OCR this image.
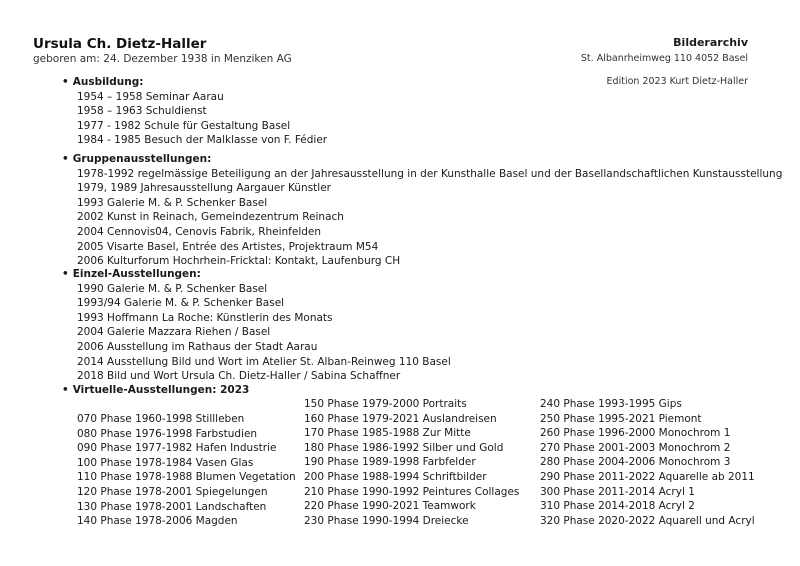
Ursula Ch. Dietz-Haller
geboren am: 24. Dezember 1938 in Menziken AG
Bilderarchiv
St. Albanrheimweg 110 4052 Basel
Edition 2023 Kurt Dietz-Haller
• Ausbildung:
1954 – 1958 Seminar Aarau
1958 – 1963 Schuldienst
1977 - 1982 Schule für Gestaltung Basel
1984 - 1985 Besuch der Malklasse von F. Fédier
• Gruppenausstellungen:
1978-1992 regelmässige Beteiligung an der Jahresausstellung in der Kunsthalle Basel und der Basellandschaftlichen Kunstausstellung
1979, 1989 Jahresausstellung Aargauer Künstler
1993 Galerie M. & P. Schenker Basel
2002 Kunst in Reinach, Gemeindezentrum Reinach
2004 Cennovis04, Cenovis Fabrik, Rheinfelden
2005 Visarte Basel, Entrée des Artistes, Projektraum M54
2006 Kulturforum Hochrhein-Fricktal: Kontakt, Laufenburg CH
• Einzel-Ausstellungen:
1990 Galerie M. & P. Schenker Basel
1993/94 Galerie M. & P. Schenker Basel
1993 Hoffmann La Roche: Künstlerin des Monats
2004 Galerie Mazzara Riehen / Basel
2006 Ausstellung im Rathaus der Stadt Aarau
2014 Ausstellung Bild und Wort im Atelier St. Alban-Reinweg 110 Basel
2018 Bild und Wort Ursula Ch. Dietz-Haller / Sabina Schaffner
• Virtuelle-Ausstellungen: 2023
070 Phase 1960-1998 Stillleben
080 Phase 1976-1998 Farbstudien
090 Phase 1977-1982 Hafen Industrie
100 Phase 1978-1984 Vasen Glas
110 Phase 1978-1988 Blumen Vegetation
120 Phase 1978-2001 Spiegelungen
130 Phase 1978-2001 Landschaften
140 Phase 1978-2006 Magden
150 Phase 1979-2000 Portraits
160 Phase 1979-2021 Auslandreisen
170 Phase 1985-1988 Zur Mitte
180 Phase 1986-1992 Silber und Gold
190 Phase 1989-1998 Farbfelder
200 Phase 1988-1994 Schriftbilder
210 Phase 1990-1992 Peintures Collages
220 Phase 1990-2021 Teamwork
230 Phase 1990-1994 Dreiecke
240 Phase 1993-1995 Gips
250 Phase 1995-2021 Piemont
260 Phase 1996-2000 Monochrom 1
270 Phase 2001-2003 Monochrom 2
280 Phase 2004-2006 Monochrom 3
290 Phase 2011-2022 Aquarelle ab 2011
300 Phase 2011-2014 Acryl 1
310 Phase 2014-2018 Acryl 2
320 Phase 2020-2022 Aquarell und Acryl
